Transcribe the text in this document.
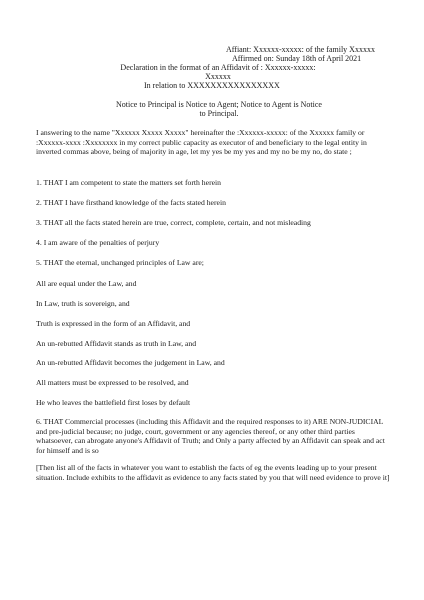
Affiant: Xxxxxx-xxxxx: of the family Xxxxxx
Affirmed on: Sunday 18th of April 2021
Declaration in the format of an Affidavit of : Xxxxxx-xxxxx:
Xxxxxx
In relation to XXXXXXXXXXXXXXXX
Notice to Principal is Notice to Agent; Notice to Agent is Notice
to Principal.
I answering to the name "Xxxxxx Xxxxx Xxxxx" hereinafter the :Xxxxxx-xxxxx: of the Xxxxxx family or :Xxxxxx-xxxx :Xxxxxxxx in my correct public capacity as executor of and beneficiary to the legal entity in inverted commas above, being of majority in age, let my yes be my yes and my no be my no, do state ;
1. THAT I am competent to state the matters set forth herein
2. THAT I have firsthand knowledge of the facts stated herein
3. THAT all the facts stated herein are true, correct, complete, certain, and not misleading
4. I am aware of the penalties of perjury
5. THAT the eternal, unchanged principles of Law are;
All are equal under the Law, and
In Law, truth is sovereign, and
Truth is expressed in the form of an Affidavit, and
An un-rebutted Affidavit stands as truth in Law, and
An un-rebutted Affidavit becomes the judgement in Law, and
All matters must be expressed to be resolved, and
He who leaves the battlefield first loses by default
6. THAT Commercial processes (including this Affidavit and the required responses to it) ARE NON-JUDICIAL and pre-judicial because; no judge, court, government or any agencies thereof, or any other third parties whatsoever, can abrogate anyone's Affidavit of Truth; and Only a party affected by an Affidavit can speak and act for himself and is so
[Then list all of the facts in whatever you want to establish the facts of eg the events leading up to your present situation. Include exhibits to the affidavit as evidence to any facts stated by you that will need evidence to prove it]
